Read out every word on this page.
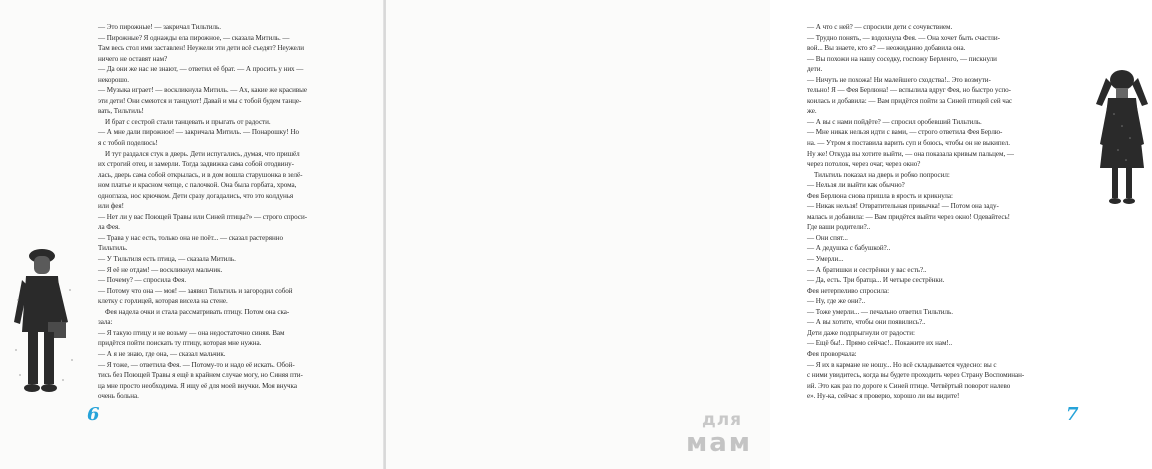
— Это пирожные! — закричал Тильтиль.

— Пирожные? Я однажды ела пирожное, — сказала Митиль. —

Там весь стол ими заставлен! Неужели эти дети всё съедят? Неужели

ничего не оставят нам?

— Да они же нас не знают, — ответил её брат. — А просить у них —

некорошо.

— Музыка играет! — воскликнула Митиль. — Ах, какие же красивые

эти дети! Они смеются и танцуют! Давай и мы с тобой будем танце-

вать, Тильтиль!

И брат с сестрой стали танцевать и прыгать от радости.

— А мне дали пирожное! — закричала Митиль. — Понарошку! Но

я с тобой поделюсь!

И тут раздался стук в дверь. Дети испугались, думая, что пришёл

их строгий отец, и замерли. Тогда задвижка сама собой отодвину-

лась, дверь сама собой открылась, и в дом вошла старушонка в зелё-

ном платье и красном чепце, с палочкой. Она была горбата, хрома,

одноглаза, нос крючком. Дети сразу догадались, что это колдунья

или фея!

— Нет ли у вас Поющей Травы или Синей птицы?» — строго спроси-

ла Фея.

— Трава у нас есть, только она не поёт... — сказал растерянно

Тильтиль.

— У Тильтиля есть птица, — сказала Митиль.

— Я её не отдам! — воскликнул мальчик.

— Почему? — спросила Фея.

— Потому что она — моя! — заявил Тильтиль и загородил собой

клетку с горлицей, которая висела на стене.

Фея надела очки и стала рассматривать птицу. Потом она ска-

зала:

— Я такую птицу и не возьму — она недостаточно синяя. Вам

придётся пойти поискать ту птицу, которая мне нужна.

— А я не знаю, где она, — сказал мальчик.

— Я тоже, — ответила Фея. — Потому-то и надо её искать. Обой-

тись без Поющей Травы я ещё в крайнем случае могу, но Синяя пти-

ца мне просто необходима. Я ищу её для моей внучки. Моя внучка

очень больна.

6

— А что с ней? — спросили дети с сочувствием.

— Трудно понять, — вздохнула Фея. — Она хочет быть счастли-

вой... Вы знаете, кто я? — неожиданно добавила она.

— Вы похожи на нашу соседку, госпожу Берленго, — пискнули

дети.

— Ничуть не похожа! Ни малейшего сходства!.. Это возмути-

тельно! Я — Фея Берлюна! — вспылила вдруг Фея, но быстро успо-

коилась и добавила: — Вам придётся пойти за Синей птицей сей час

же.

— А вы с нами пойдёте? — спросил оробевший Тильтиль.

— Мне никак нельзя идти с вами, — строго ответила Фея Берлю-

на. — Утром я поставила варить суп и боюсь, чтобы он не выкипел.

Ну же! Откуда вы хотите выйти, — она показала кривым пальцем, —

через потолок, через очаг, через окно?

Тильтиль показал на дверь и робко попросил:

— Нельзя ли выйти как обычно?

Фея Берлюна снова пришла в ярость и крикнула:

— Никак нельзя! Отвратительная привычка! — Потом она заду-

малась и добавила: — Вам придётся выйти через окно! Одевайтесь!

Где ваши родители?..

— Они спят...

— А дедушка с бабушкой?..

— Умерли...

— А братишки и сестрёнки у вас есть?..

— Да, есть. Три братца... И четыре сестрёнки.

Фея нетерпеливо спросила:

— Ну, где же они?..

— Тоже умерли... — печально ответил Тильтиль.

— А вы хотите, чтобы они появились?..

Дети даже подпрыгнули от радости:

— Ещё бы!.. Прямо сейчас!.. Покажите их нам!..

Фея проворчала:

— Я их в кармане не ношу... Но всё складывается чудесно: вы с

с ними увидитесь, когда вы будете проходить через Страну Воспоминан-

ий. Это как раз по дороге к Синей птице. Четвёртый поворот налево

е». Ну-ка, сейчас я проверю, хорошо ли вы видите!

7
для
мам
